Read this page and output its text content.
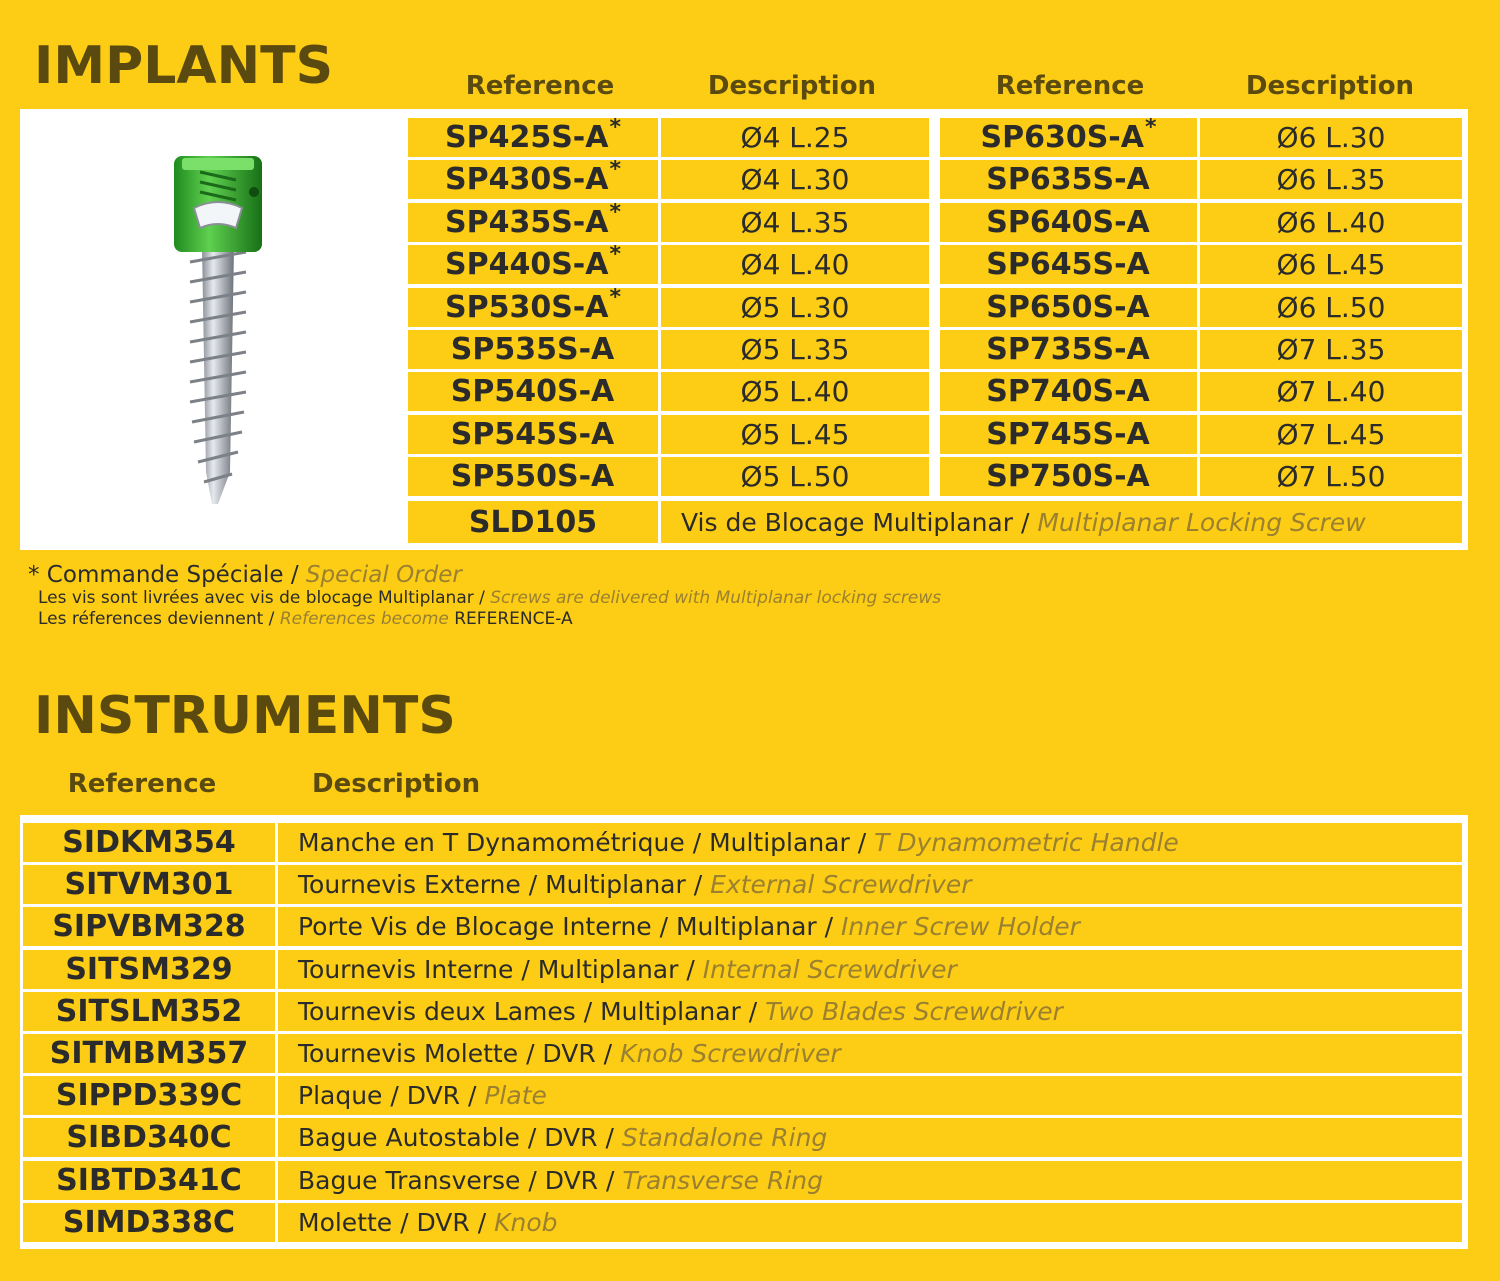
IMPLANTS	Reference	Description	Reference	Description
SP425S-A *	Ø4 L.25
SP430S-A *	Ø4 L.30
SP435S-A *	Ø4 L.35
SP440S-A *	Ø4 L.40
SP530S-A *	Ø5 L.30
SP535S-A	Ø5 L.35
SP540S-A	Ø5 L.40
SP545S-A	Ø5 L.45
SP550S-A	Ø5 L.50
SP630S-A *	Ø6 L.30
SP635S-A	Ø6 L.35
SP640S-A	Ø6 L.40
SP645S-A	Ø6 L.45
SP650S-A	Ø6 L.50
SP735S-A	Ø7 L.35
SP740S-A	Ø7 L.40
SP745S-A	Ø7 L.45
SP750S-A	Ø7 L.50
SLD105	Vis de Blocage Multiplanar /
Multiplanar Locking Screw
* Commande Spéciale / Special Order
Les vis sont livrées avec vis de blocage Multiplanar / Screws are delivered with Multiplanar locking screws
Les réferences deviennent / References become REFERENCE-A
INSTRUMENTS
Reference	Description
SIDKM354	Manche en T Dynamométrique / Multiplanar /
T Dynamometric Handle
SITVM301	Tournevis Externe / Multiplanar /
External Screwdriver
SIPVBM328	Porte Vis de Blocage Interne / Multiplanar /
Inner Screw Holder
SITSM329	Tournevis Interne / Multiplanar /
Internal Screwdriver
SITSLM352	Tournevis deux Lames / Multiplanar /
Two Blades Screwdriver
SITMBM357	Tournevis Molette / DVR /
Knob Screwdriver
SIPPD339C	Plaque / DVR /
Plate
SIBD340C	Bague Autostable / DVR /
Standalone Ring
SIBTD341C	Bague Transverse / DVR /
Transverse Ring
SIMD338C	Molette / DVR /
Knob
